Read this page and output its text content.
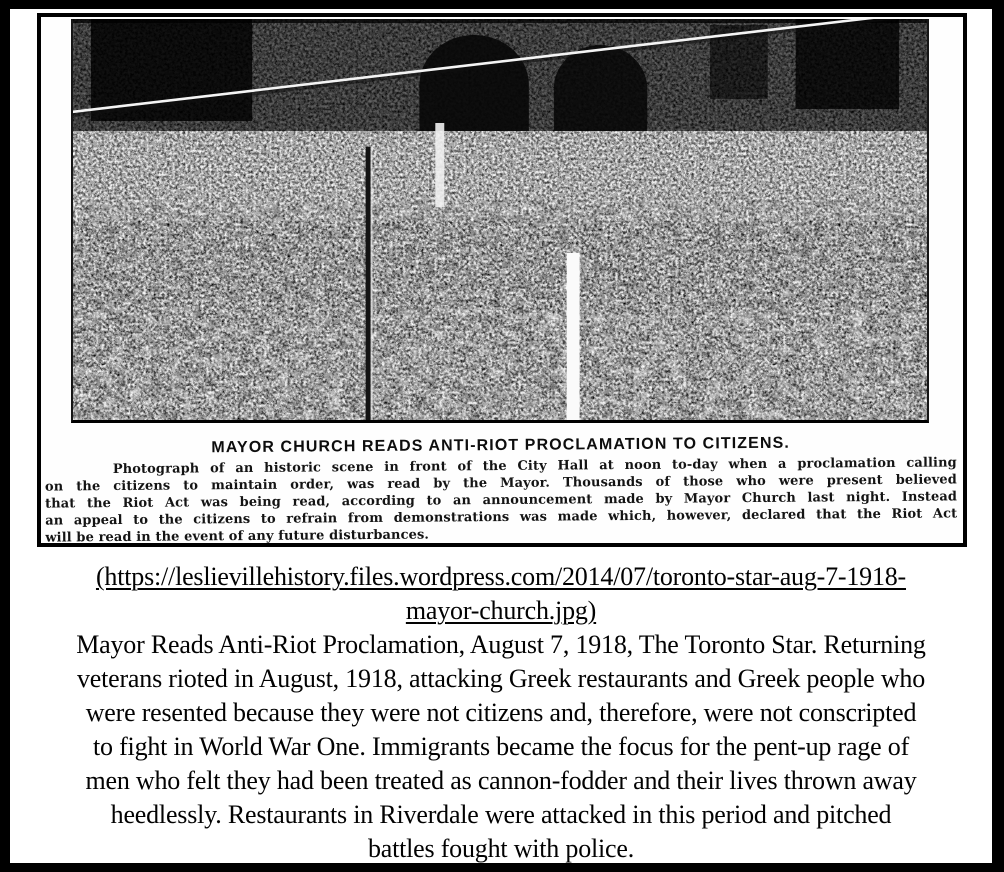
MAYOR CHURCH READS ANTI-RIOT PROCLAMATION TO CITIZENS.
Photograph of an historic scene in front of the City Hall at noon to-day when a proclamation calling
on the citizens to maintain order, was read by the Mayor. Thousands of those who were present believed
that the Riot Act was being read, according to an announcement made by Mayor Church last night. Instead
an appeal to the citizens to refrain from demonstrations was made which, however, declared that the Riot Act
will be read in the event of any future disturbances.
(https://leslievillehistory.files.wordpress.com/2014/07/toronto-star-aug-7-1918-
mayor-church.jpg)
Mayor Reads Anti-Riot Proclamation, August 7, 1918, The Toronto Star. Returning
veterans rioted in August, 1918, attacking Greek restaurants and Greek people who
were resented because they were not citizens and, therefore, were not conscripted
to fight in World War One. Immigrants became the focus for the pent-up rage of
men who felt they had been treated as cannon-fodder and their lives thrown away
heedlessly. Restaurants in Riverdale were attacked in this period and pitched
battles fought with police.
